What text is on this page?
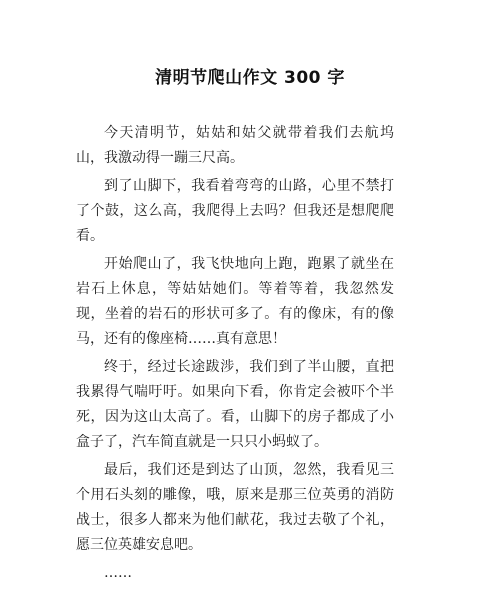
清明节爬山作文 300 字

今天清明节，姑姑和姑父就带着我们去航坞山，我激动得一蹦三尺高。

到了山脚下，我看着弯弯的山路，心里不禁打了个鼓，这么高，我爬得上去吗？但我还是想爬爬看。

开始爬山了，我飞快地向上跑，跑累了就坐在岩石上休息，等姑姑她们。等着等着，我忽然发现，坐着的岩石的形状可多了。有的像床，有的像马，还有的像座椅……真有意思！

终于，经过长途跋涉，我们到了半山腰，直把我累得气喘吁吁。如果向下看，你肯定会被吓个半死，因为这山太高了。看，山脚下的房子都成了小盒子了，汽车简直就是一只只小蚂蚁了。

最后，我们还是到达了山顶，忽然，我看见三个用石头刻的雕像，哦，原来是那三位英勇的消防战士，很多人都来为他们献花，我过去敬了个礼，愿三位英雄安息吧。

……
